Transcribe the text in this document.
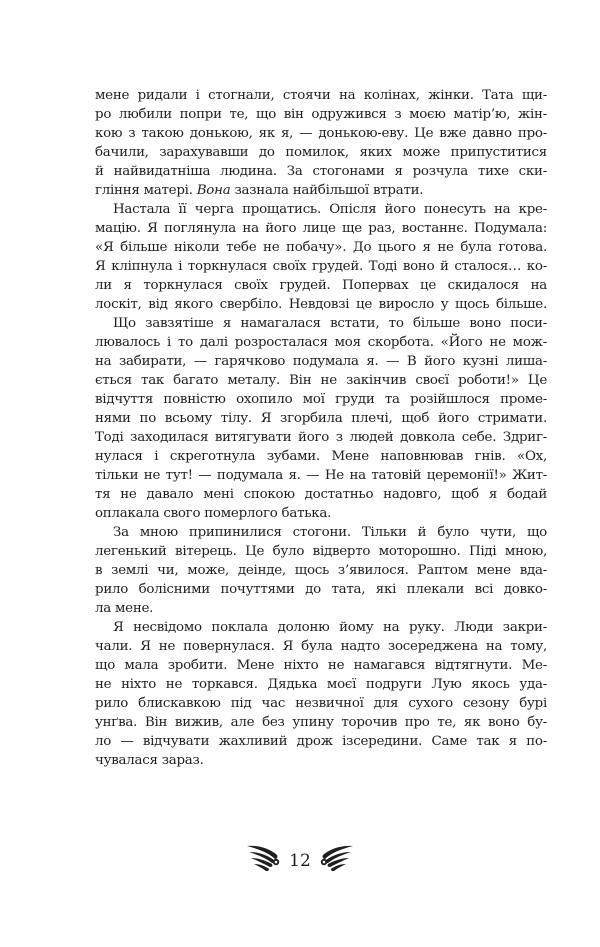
мене ридали і стогнали, стоячи на колінах, жінки. Тата щи-
ро любили попри те, що він одружився з моєю матір’ю, жін-
кою з такою донькою, як я, — донькою-еву. Це вже давно про-
бачили, зарахувавши до помилок, яких може припуститися
й найвидатніша людина. За стогонами я розчула тихе ски-
гління матері. Вона зазнала найбільшої втрати.
Настала її черга прощатись. Опісля його понесуть на кре-
мацію. Я поглянула на його лице ще раз, востаннє. Подумала:
«Я більше ніколи тебе не побачу». До цього я не була готова.
Я кліпнула і торкнулася своїх грудей. Тоді воно й сталося… ко-
ли я торкнулася своїх грудей. Попервах це скидалося на
лоскіт, від якого свербіло. Невдовзі це виросло у щось більше.
Що завзятіше я намагалася встати, то більше воно поси-
лювалось і то далі розросталася моя скорбота. «Його не мож-
на забирати, — гарячково подумала я. — В його кузні лиша-
ється так багато металу. Він не закінчив своєї роботи!» Це
відчуття повністю охопило мої груди та розійшлося проме-
нями по всьому тілу. Я згорбила плечі, щоб його стримати.
Тоді заходилася витягувати його з людей довкола себе. Здриг-
нулася і скреготнула зубами. Мене наповнював гнів. «Ох,
тільки не тут! — подумала я. — Не на татовій церемонії!» Жит-
тя не давало мені спокою достатньо надовго, щоб я бодай
оплакала свого померлого батька.
За мною припинилися стогони. Тільки й було чути, що
легенький вітерець. Це було відверто моторошно. Піді мною,
в землі чи, може, деінде, щось з’явилося. Раптом мене вда-
рило болісними почуттями до тата, які плекали всі довко-
ла мене.
Я несвідомо поклала долоню йому на руку. Люди закри-
чали. Я не повернулася. Я була надто зосереджена на тому,
що мала зробити. Мене ніхто не намагався відтягнути. Ме-
не ніхто не торкався. Дядька моєї подруги Лую якось уда-
рило блискавкою під час незвичної для сухого сезону бурі
унґва. Він вижив, але без упину торочив про те, як воно бу-
ло — відчувати жахливий дрож ізсередини. Саме так я по-
чувалася зараз.
12
